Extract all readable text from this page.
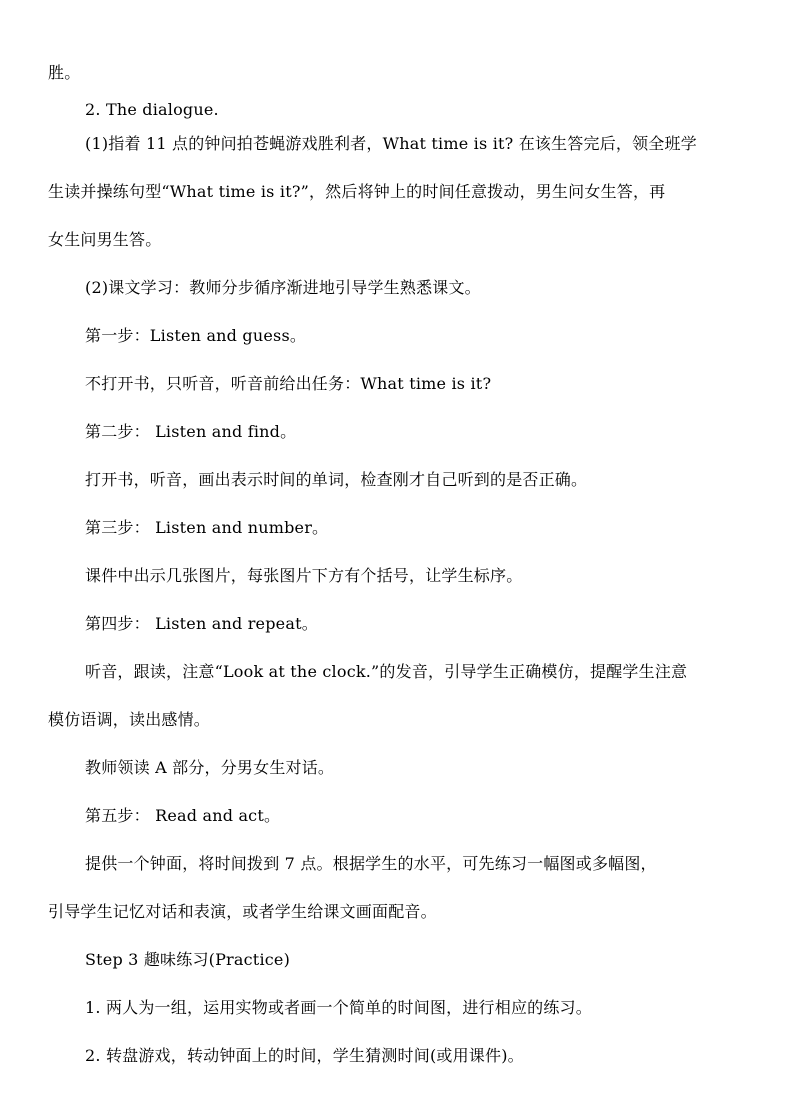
胜。
2. The dialogue.
(1)指着 11 点的钟问拍苍蝇游戏胜利者，What time is it? 在该生答完后，领全班学
生读并操练句型“What time is it?”，然后将钟上的时间任意拨动，男生问女生答，再
女生问男生答。
(2)课文学习：教师分步循序渐进地引导学生熟悉课文。
第一步：Listen and guess。
不打开书，只听音，听音前给出任务：What time is it?
第二步： Listen and find。
打开书，听音，画出表示时间的单词，检查刚才自己听到的是否正确。
第三步： Listen and number。
课件中出示几张图片，每张图片下方有个括号，让学生标序。
第四步： Listen and repeat。
听音，跟读，注意“Look at the clock.”的发音，引导学生正确模仿，提醒学生注意
模仿语调，读出感情。
教师领读 A 部分，分男女生对话。
第五步： Read and act。
提供一个钟面，将时间拨到 7 点。根据学生的水平，可先练习一幅图或多幅图，
引导学生记忆对话和表演，或者学生给课文画面配音。
Step 3 趣味练习(Practice)
1. 两人为一组，运用实物或者画一个简单的时间图，进行相应的练习。
2. 转盘游戏，转动钟面上的时间，学生猜测时间(或用课件)。
